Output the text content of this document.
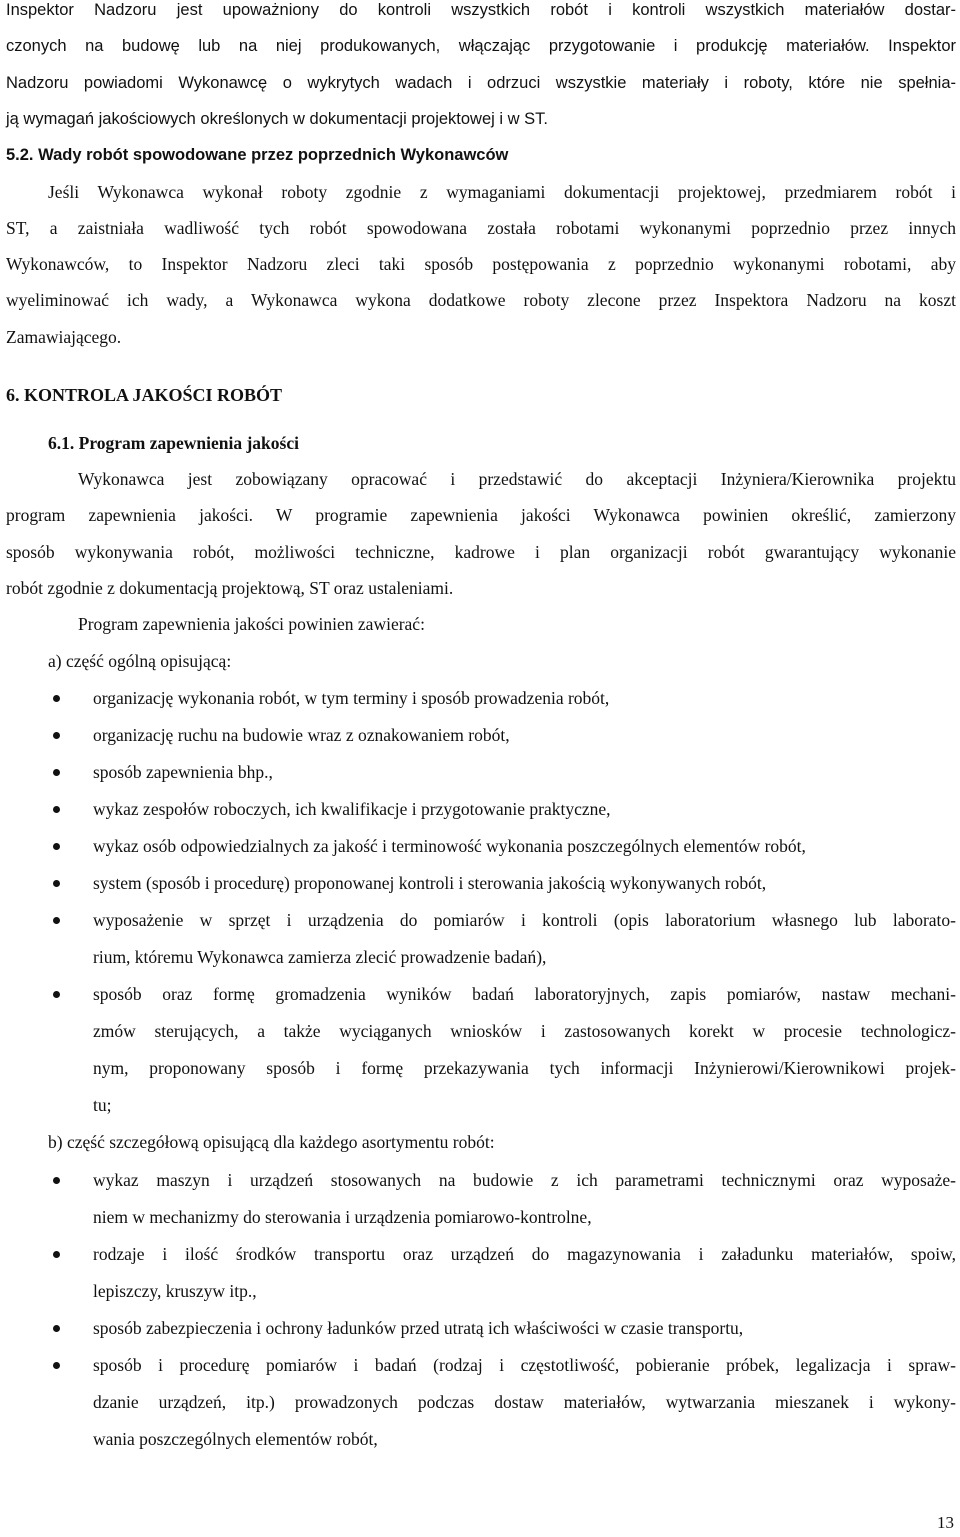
Inspektor Nadzoru jest upoważniony do kontroli wszystkich robót i kontroli wszystkich materiałów dostar-
czonych na budowę lub na niej produkowanych, włączając przygotowanie i produkcję materiałów. Inspektor
Nadzoru powiadomi Wykonawcę o wykrytych wadach i odrzuci wszystkie materiały i roboty, które nie spełnia-
ją wymagań jakościowych określonych w dokumentacji projektowej i w ST.
5.2. Wady robót spowodowane przez poprzednich Wykonawców
Jeśli Wykonawca wykonał roboty zgodnie z wymaganiami dokumentacji projektowej, przedmiarem robót i
ST, a zaistniała wadliwość tych robót spowodowana została robotami wykonanymi poprzednio przez innych
Wykonawców, to Inspektor Nadzoru zleci taki sposób postępowania z poprzednio wykonanymi robotami, aby
wyeliminować ich wady, a Wykonawca wykona dodatkowe roboty zlecone przez Inspektora Nadzoru na koszt
Zamawiającego.
6. KONTROLA JAKOŚCI ROBÓT
6.1. Program zapewnienia jakości
Wykonawca jest zobowiązany opracować i przedstawić do akceptacji Inżyniera/Kierownika projektu
program zapewnienia jakości. W programie zapewnienia jakości Wykonawca powinien określić, zamierzony
sposób wykonywania robót, możliwości techniczne, kadrowe i plan organizacji robót gwarantujący wykonanie
robót zgodnie z dokumentacją projektową, ST oraz ustaleniami.
Program zapewnienia jakości powinien zawierać:
a) część ogólną opisującą:
organizację wykonania robót, w tym terminy i sposób prowadzenia robót,
organizację ruchu na budowie wraz z oznakowaniem robót,
sposób zapewnienia bhp.,
wykaz zespołów roboczych, ich kwalifikacje i przygotowanie praktyczne,
wykaz osób odpowiedzialnych za jakość i terminowość wykonania poszczególnych elementów robót,
system (sposób i procedurę) proponowanej kontroli i sterowania jakością wykonywanych robót,
wyposażenie w sprzęt i urządzenia do pomiarów i kontroli (opis laboratorium własnego lub laborato-
rium, któremu Wykonawca zamierza zlecić prowadzenie badań),
sposób oraz formę gromadzenia wyników badań laboratoryjnych, zapis pomiarów, nastaw mechani-
zmów sterujących, a także wyciąganych wniosków i zastosowanych korekt w procesie technologicz-
nym, proponowany sposób i formę przekazywania tych informacji Inżynierowi/Kierownikowi projek-
tu;
b) część szczegółową opisującą dla każdego asortymentu robót:
wykaz maszyn i urządzeń stosowanych na budowie z ich parametrami technicznymi oraz wyposaże-
niem w mechanizmy do sterowania i urządzenia pomiarowo-kontrolne,
rodzaje i ilość środków transportu oraz urządzeń do magazynowania i załadunku materiałów, spoiw,
lepiszczy, kruszyw itp.,
sposób zabezpieczenia i ochrony ładunków przed utratą ich właściwości w czasie transportu,
sposób i procedurę pomiarów i badań (rodzaj i częstotliwość, pobieranie próbek, legalizacja i spraw-
dzanie urządzeń, itp.) prowadzonych podczas dostaw materiałów, wytwarzania mieszanek i wykony-
wania poszczególnych elementów robót,
13
